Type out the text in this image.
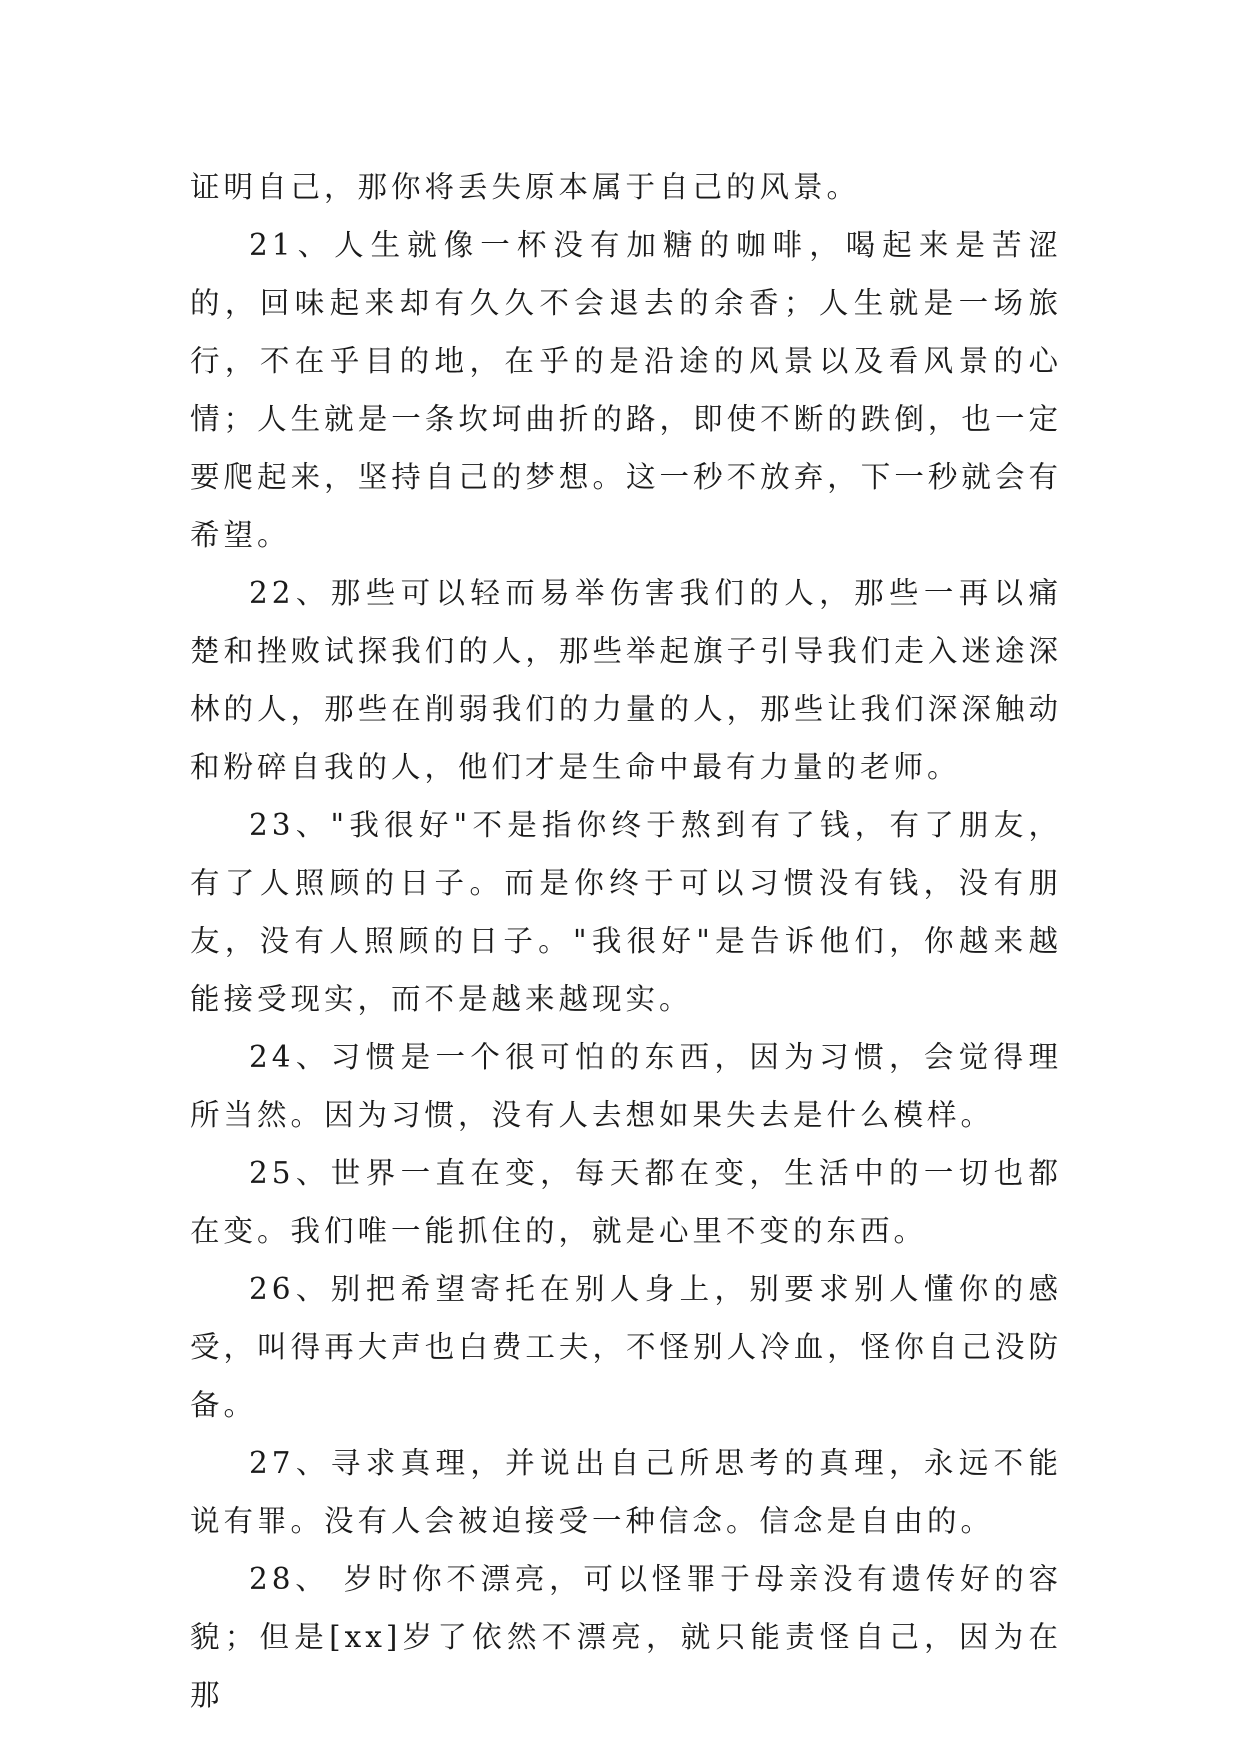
证明自己，那你将丢失原本属于自己的风景。

21、人生就像一杯没有加糖的咖啡，喝起来是苦涩的，回味起来却有久久不会退去的余香；人生就是一场旅行，不在乎目的地，在乎的是沿途的风景以及看风景的心情；人生就是一条坎坷曲折的路，即使不断的跌倒，也一定要爬起来，坚持自己的梦想。这一秒不放弃，下一秒就会有希望。

22、那些可以轻而易举伤害我们的人，那些一再以痛楚和挫败试探我们的人，那些举起旗子引导我们走入迷途深林的人，那些在削弱我们的力量的人，那些让我们深深触动和粉碎自我的人，他们才是生命中最有力量的老师。

23、"我很好"不是指你终于熬到有了钱，有了朋友，有了人照顾的日子。而是你终于可以习惯没有钱，没有朋友，没有人照顾的日子。"我很好"是告诉他们，你越来越能接受现实，而不是越来越现实。

24、习惯是一个很可怕的东西，因为习惯，会觉得理所当然。因为习惯，没有人去想如果失去是什么模样。

25、世界一直在变，每天都在变，生活中的一切也都在变。我们唯一能抓住的，就是心里不变的东西。

26、别把希望寄托在别人身上，别要求别人懂你的感受，叫得再大声也白费工夫，不怪别人冷血，怪你自己没防备。

27、寻求真理，并说出自己所思考的真理，永远不能说有罪。没有人会被迫接受一种信念。信念是自由的。

28、 岁时你不漂亮，可以怪罪于母亲没有遗传好的容貌；但是[xx]岁了依然不漂亮，就只能责怪自己，因为在那
